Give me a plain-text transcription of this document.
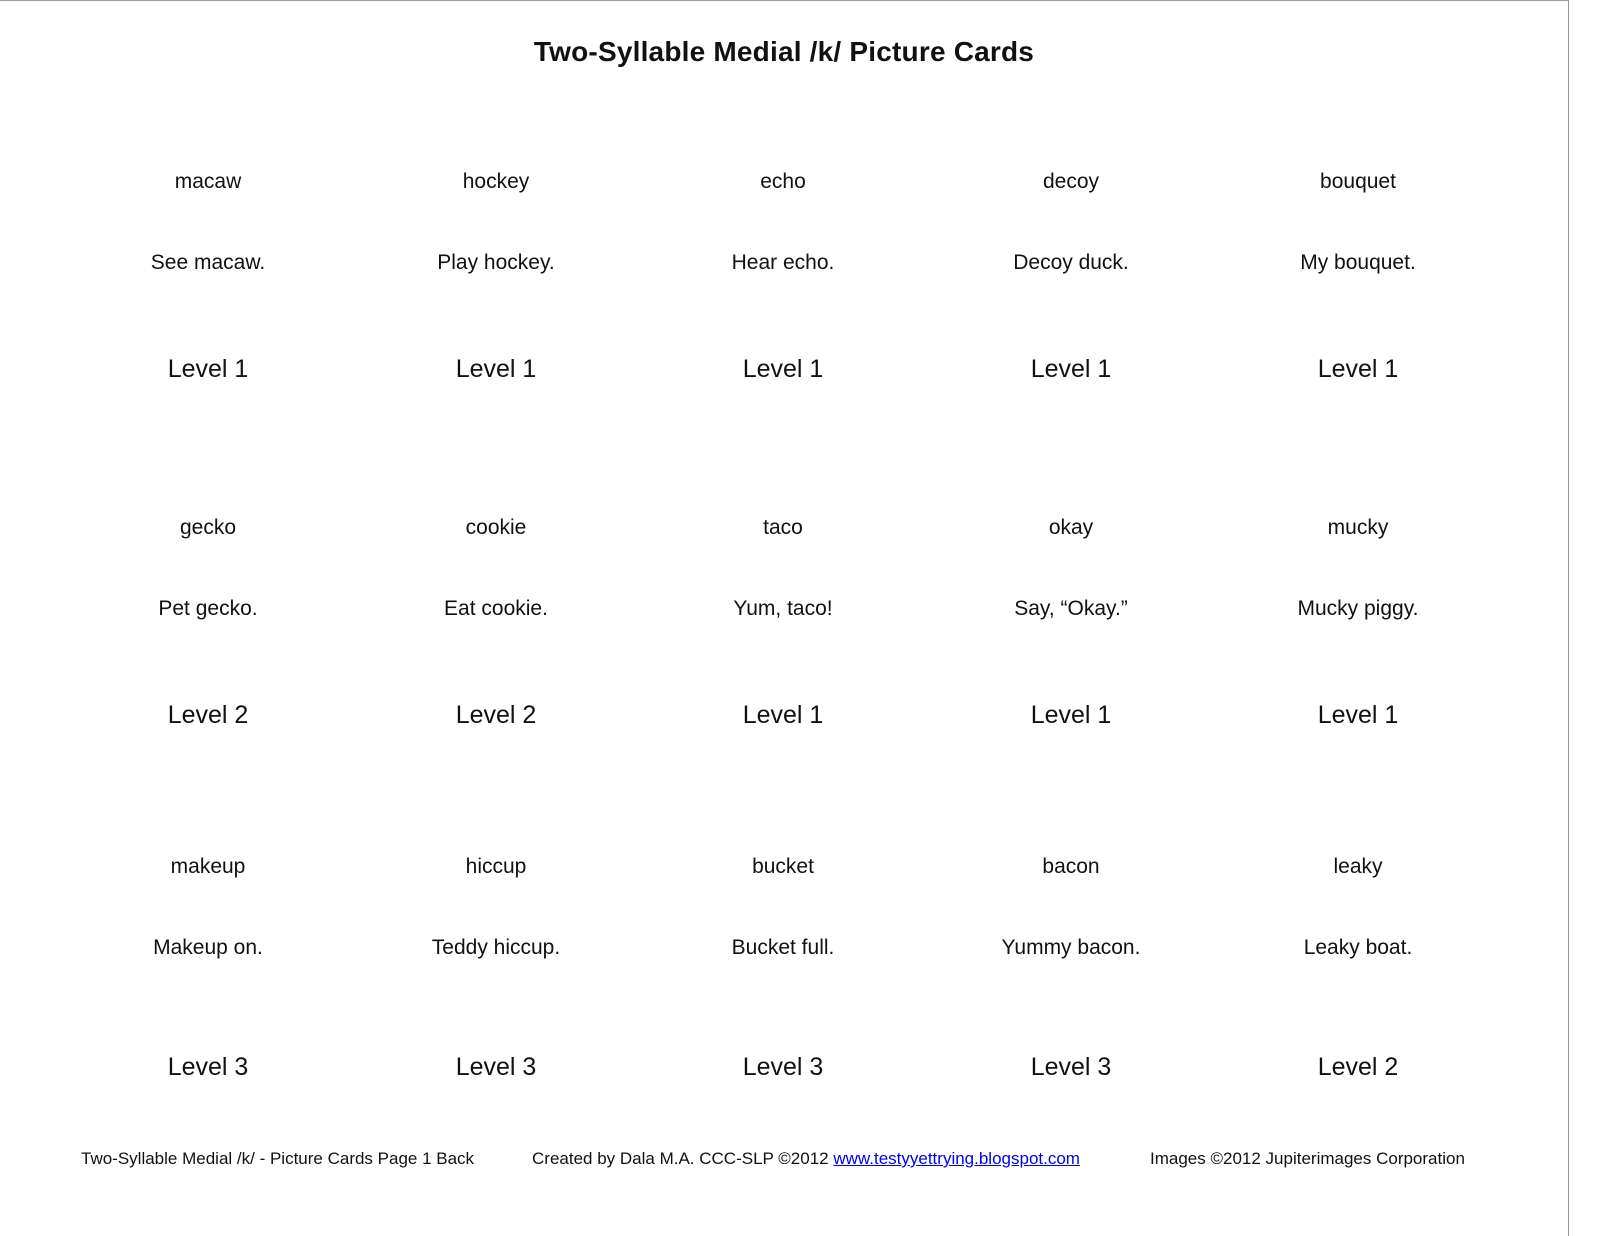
Two-Syllable Medial /k/ Picture Cards
macaw
See macaw.
Level 1
hockey
Play hockey.
Level 1
echo
Hear echo.
Level 1
decoy
Decoy duck.
Level 1
bouquet
My bouquet.
Level 1
gecko
Pet gecko.
Level 2
cookie
Eat cookie.
Level 2
taco
Yum, taco!
Level 1
okay
Say, “Okay.”
Level 1
mucky
Mucky piggy.
Level 1
makeup
Makeup on.
Level 3
hiccup
Teddy hiccup.
Level 3
bucket
Bucket full.
Level 3
bacon
Yummy bacon.
Level 3
leaky
Leaky boat.
Level 2
Two-Syllable Medial /k/ - Picture Cards Page 1 Back	Created by Dala M.A. CCC-SLP ©2012 www.testyyettrying.blogspot.com	Images ©2012 Jupiterimages Corporation
